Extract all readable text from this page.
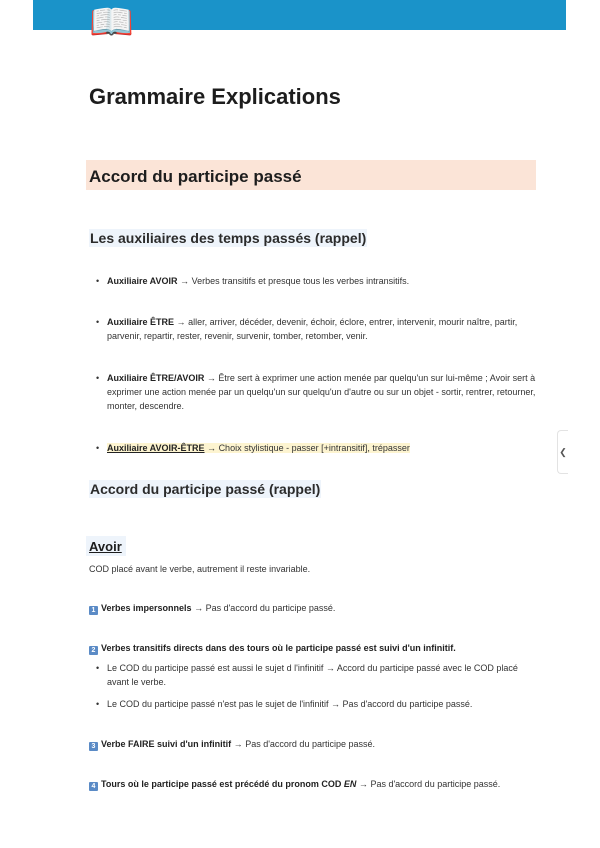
📖
Grammaire Explications
Accord du participe passé
Les auxiliaires des temps passés (rappel)
• Auxiliaire AVOIR → Verbes transitifs et presque tous les verbes intransitifs.
• Auxiliaire ÊTRE → aller, arriver, décéder, devenir, échoir, éclore, entrer, intervenir, mourir naître, partir, parvenir, repartir, rester, revenir, survenir, tomber, retomber, venir.
• Auxiliaire ÊTRE/AVOIR → Être sert à exprimer une action menée par quelqu'un sur lui-même ; Avoir sert à exprimer une action menée par un quelqu'un sur quelqu'un d'autre ou sur un objet - sortir, rentrer, retourner, monter, descendre.
• Auxiliaire AVOIR-ÊTRE → Choix stylistique - passer [+intransitif], trépasser	❮
Accord du participe passé (rappel)
Avoir
COD placé avant le verbe, autrement il reste invariable.
1 Verbes impersonnels → Pas d'accord du participe passé.
2 Verbes transitifs directs dans des tours où le participe passé est suivi d'un infinitif.
• Le COD du participe passé est aussi le sujet d l'infinitif → Accord du participe passé avec le COD placé avant le verbe.
• Le COD du participe passé n'est pas le sujet de l'infinitif → Pas d'accord du participe passé.
3 Verbe FAIRE suivi d'un infinitif → Pas d'accord du participe passé.
4 Tours où le participe passé est précédé du pronom COD EN → Pas d'accord du participe passé.
